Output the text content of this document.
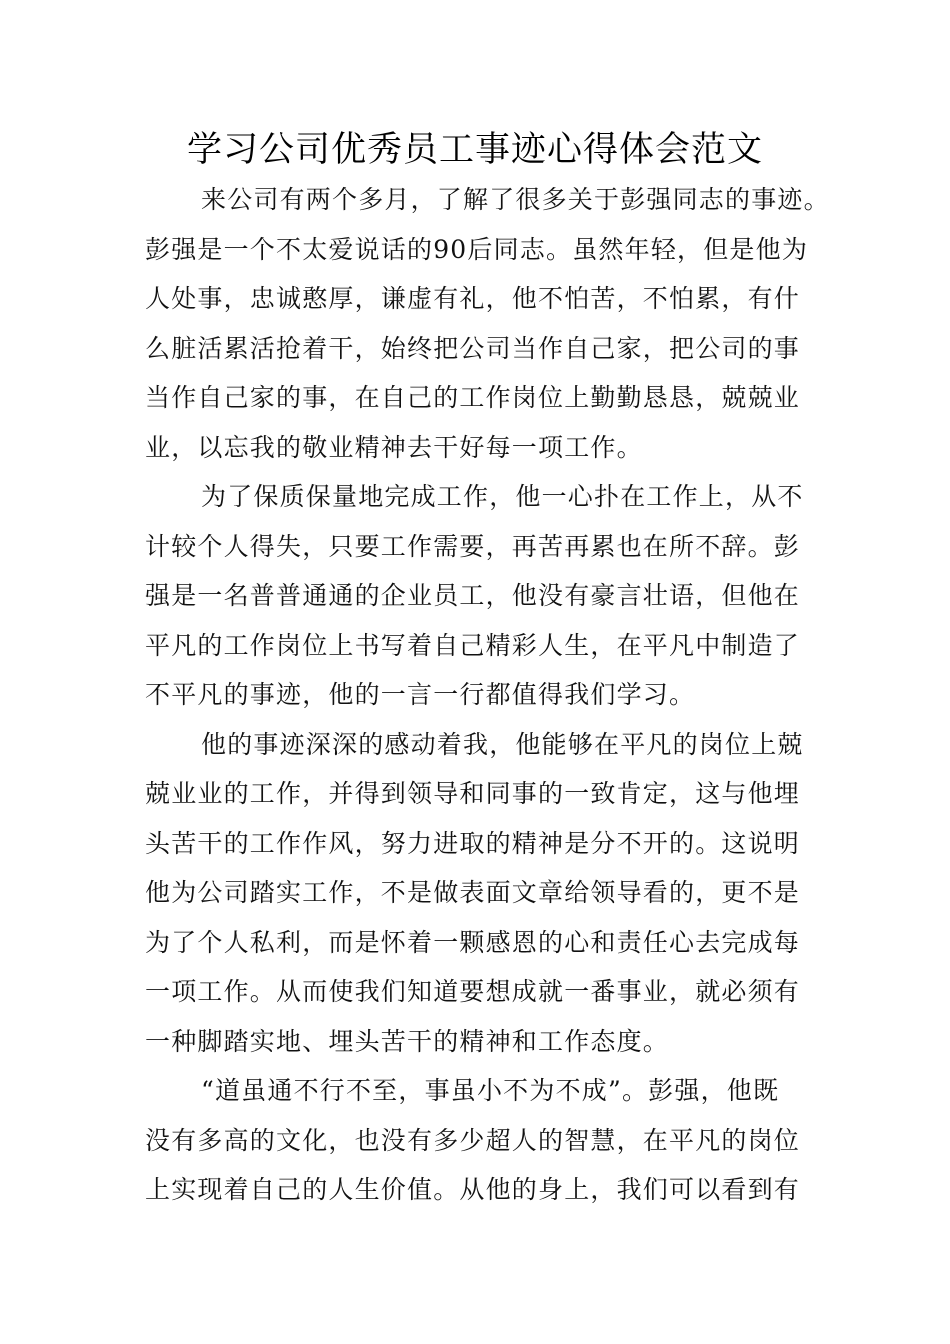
学习公司优秀员工事迹心得体会范文
来公司有两个多月，了解了很多关于彭强同志的事迹。
彭强是一个不太爱说话的90后同志。虽然年轻，但是他为
人处事，忠诚憨厚，谦虚有礼，他不怕苦，不怕累，有什
么脏活累活抢着干，始终把公司当作自己家，把公司的事
当作自己家的事，在自己的工作岗位上勤勤恳恳，兢兢业
业，以忘我的敬业精神去干好每一项工作。
为了保质保量地完成工作，他一心扑在工作上，从不
计较个人得失，只要工作需要，再苦再累也在所不辞。彭
强是一名普普通通的企业员工，他没有豪言壮语，但他在
平凡的工作岗位上书写着自己精彩人生，在平凡中制造了
不平凡的事迹，他的一言一行都值得我们学习。
他的事迹深深的感动着我，他能够在平凡的岗位上兢
兢业业的工作，并得到领导和同事的一致肯定，这与他埋
头苦干的工作作风，努力进取的精神是分不开的。这说明
他为公司踏实工作，不是做表面文章给领导看的，更不是
为了个人私利，而是怀着一颗感恩的心和责任心去完成每
一项工作。从而使我们知道要想成就一番事业，就必须有
一种脚踏实地、埋头苦干的精神和工作态度。
“道虽通不行不至，事虽小不为不成”。彭强，他既
没有多高的文化，也没有多少超人的智慧，在平凡的岗位
上实现着自己的人生价值。从他的身上，我们可以看到有
